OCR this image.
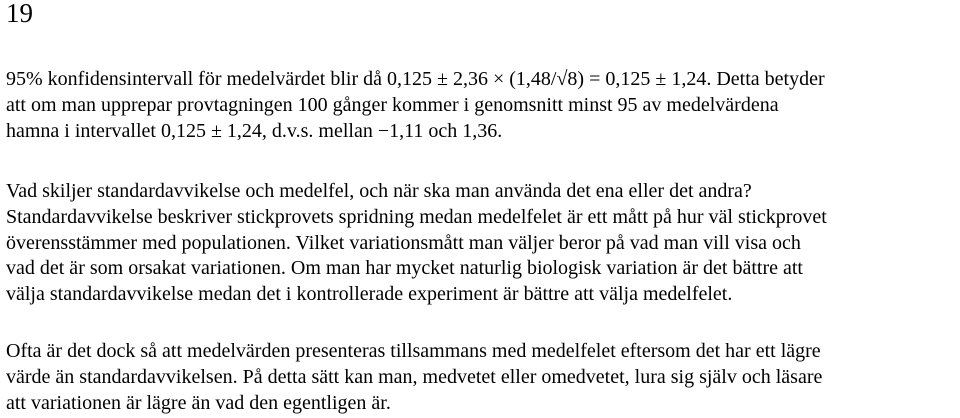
19

95% konfidensintervall för medelvärdet blir då 0,125 ± 2,36 × (1,48/√8) = 0,125 ± 1,24. Detta betyder
att om man upprepar provtagningen 100 gånger kommer i genomsnitt minst 95 av medelvärdena
hamna i intervallet 0,125 ± 1,24, d.v.s. mellan −1,11 och 1,36.

Vad skiljer standardavvikelse och medelfel, och när ska man använda det ena eller det andra?
Standardavvikelse beskriver stickprovets spridning medan medelfelet är ett mått på hur väl stickprovet
överensstämmer med populationen. Vilket variationsmått man väljer beror på vad man vill visa och
vad det är som orsakat variationen. Om man har mycket naturlig biologisk variation är det bättre att
välja standardavvikelse medan det i kontrollerade experiment är bättre att välja medelfelet.

Ofta är det dock så att medelvärden presenteras tillsammans med medelfelet eftersom det har ett lägre
värde än standardavvikelsen. På detta sätt kan man, medvetet eller omedvetet, lura sig själv och läsare
att variationen är lägre än vad den egentligen är.
